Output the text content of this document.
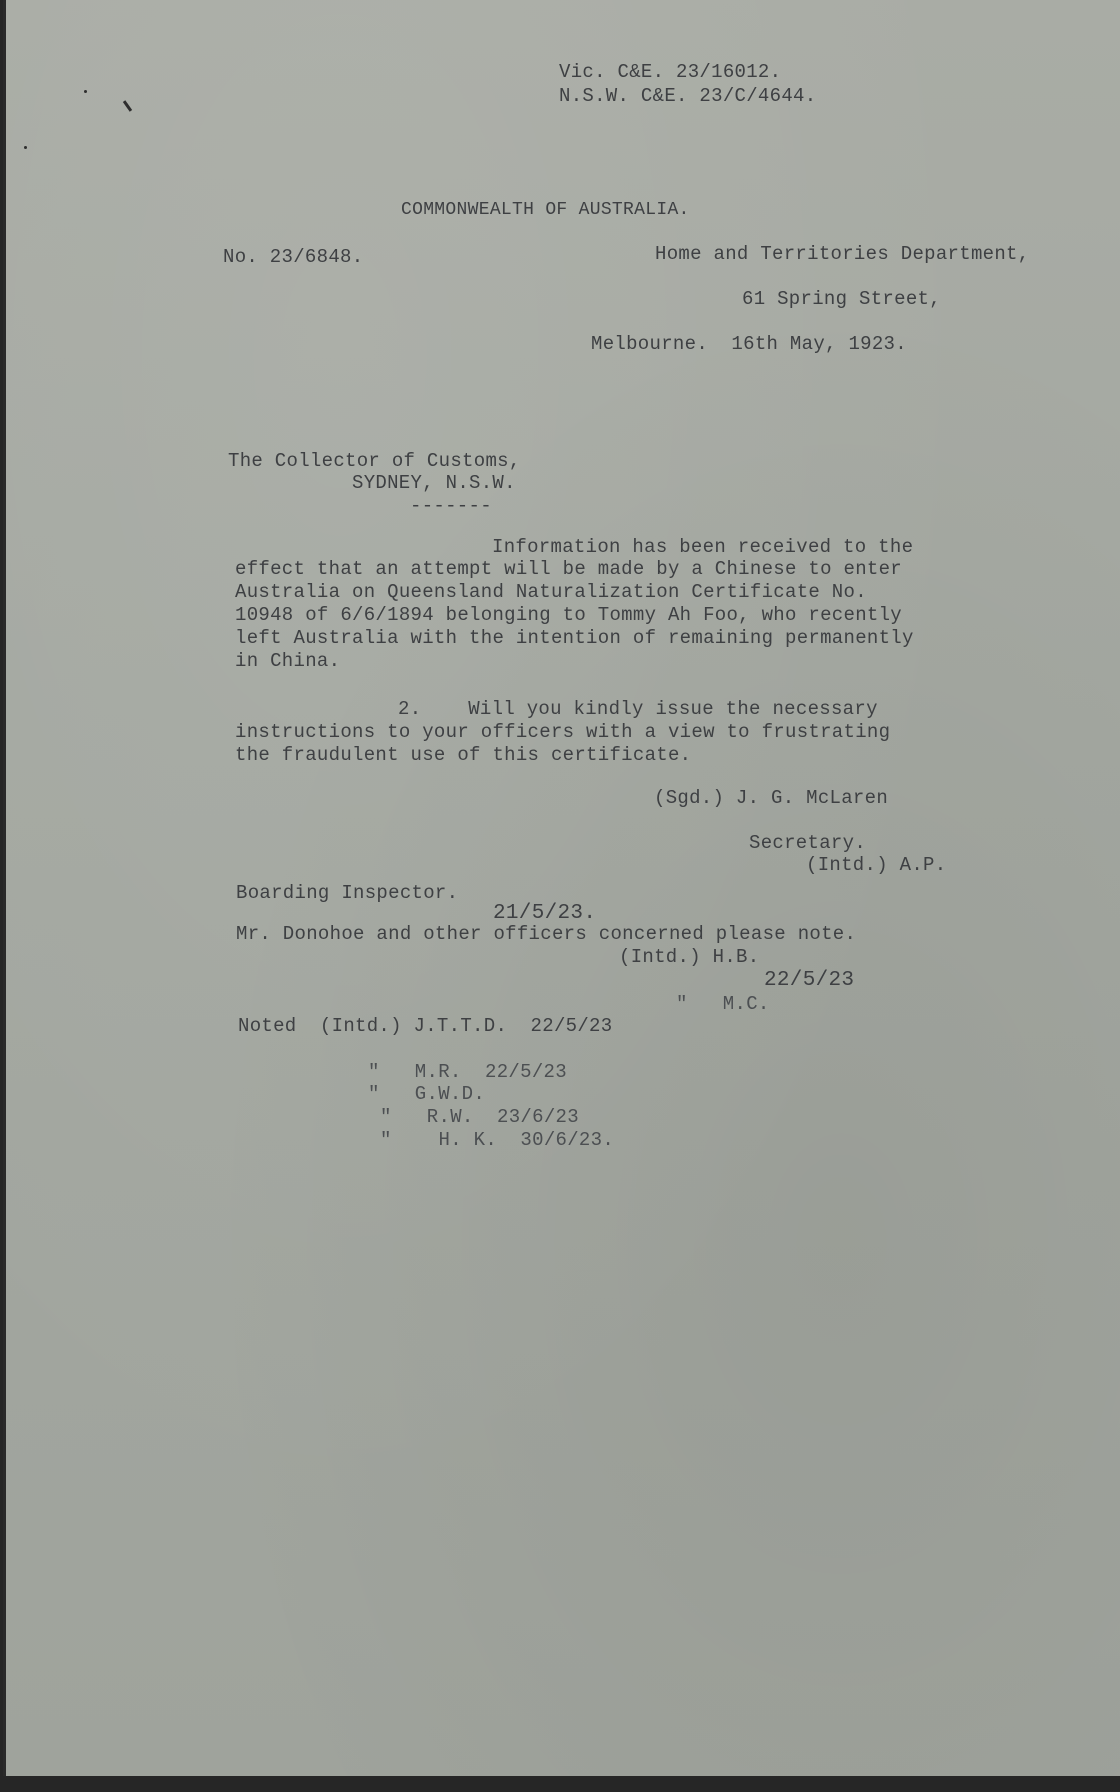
Vic. C&E. 23/16012.
N.S.W. C&E. 23/C/4644.
COMMONWEALTH OF AUSTRALIA.
No. 23/6848.	Home and Territories Department,
61 Spring Street,
Melbourne.  16th May, 1923.
The Collector of Customs,
SYDNEY, N.S.W.
-------
Information has been received to the
effect that an attempt will be made by a Chinese to enter
Australia on Queensland Naturalization Certificate No.
10948 of 6/6/1894 belonging to Tommy Ah Foo, who recently
left Australia with the intention of remaining permanently
in China.
2.    Will you kindly issue the necessary
instructions to your officers with a view to frustrating
the fraudulent use of this certificate.
(Sgd.) J. G. McLaren
Secretary.
(Intd.) A.P.
Boarding Inspector.
21/5/23.
Mr. Donohoe and other officers concerned please note.
(Intd.) H.B.
22/5/23
"   M.C.
Noted  (Intd.) J.T.T.D.  22/5/23
"   M.R.  22/5/23
"   G.W.D.
"   R.W.  23/6/23
"    H. K.  30/6/23.
